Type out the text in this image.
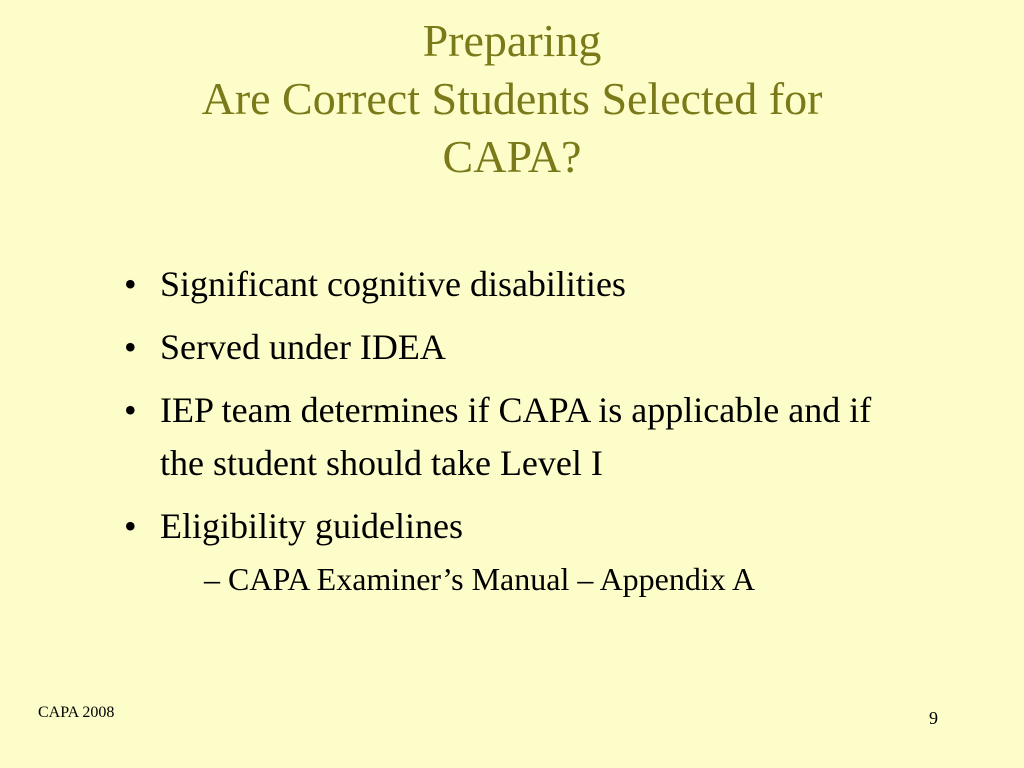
Preparing
Are Correct Students Selected for
CAPA?
• Significant cognitive disabilities
• Served under IDEA
• IEP team determines if CAPA is applicable and if the student should take Level I
• Eligibility guidelines
– CAPA Examiner’s Manual – Appendix A
CAPA 2008	9
